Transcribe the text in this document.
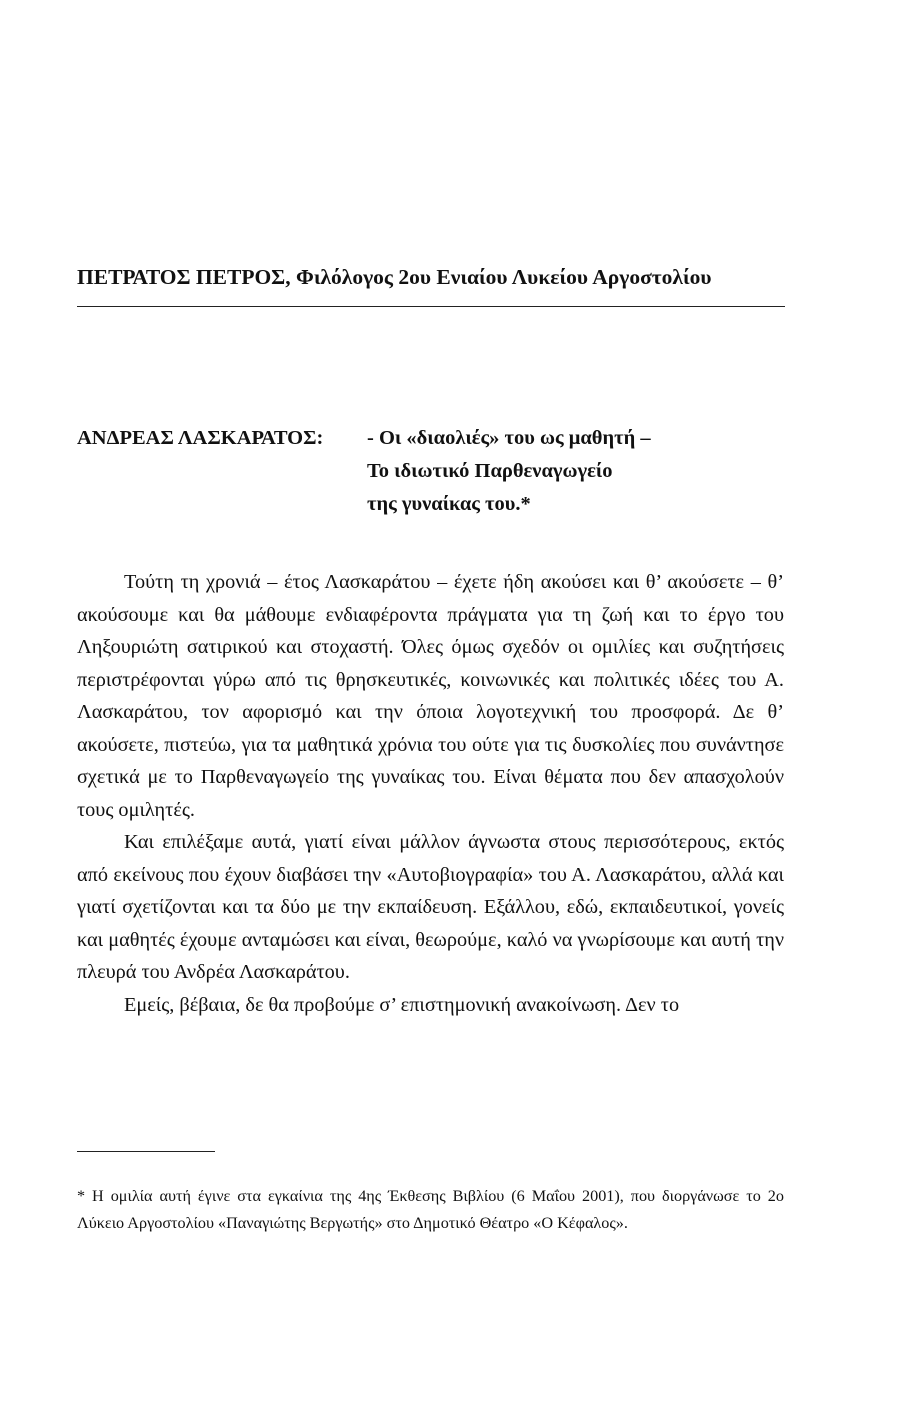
ΠΕΤΡΑΤΟΣ ΠΕΤΡΟΣ, Φιλόλογος 2ου Ενιαίου Λυκείου Αργοστολίου
ΑΝΔΡΕΑΣ ΛΑΣΚΑΡΑΤΟΣ:	- Οι «διαολιές» του ως μαθητή –
Το ιδιωτικό Παρθεναγωγείο
της γυναίκας του.*

Τούτη τη χρονιά – έτος Λασκαράτου – έχετε ήδη ακούσει και θ’ ακούσετε – θ’ ακούσουμε και θα μάθουμε ενδιαφέροντα πράγματα για τη ζωή και το έργο του Ληξουριώτη σατιρικού και στοχαστή. Όλες όμως σχεδόν οι ομιλίες και συζητήσεις περιστρέφονται γύρω από τις θρησκευτικές, κοινωνικές και πολιτικές ιδέες του Α. Λασκαράτου, τον αφορισμό και την όποια λογοτεχνική του προσφορά. Δε θ’ ακούσετε, πιστεύω, για τα μαθητικά χρόνια του ούτε για τις δυσκολίες που συνάντησε σχετικά με το Παρθεναγωγείο της γυναίκας του. Είναι θέματα που δεν απασχολούν τους ομιλητές.

Και επιλέξαμε αυτά, γιατί είναι μάλλον άγνωστα στους περισσότερους, εκτός από εκείνους που έχουν διαβάσει την «Αυτοβιογραφία» του Α. Λασκαράτου, αλλά και γιατί σχετίζονται και τα δύο με την εκπαίδευση. Εξάλλου, εδώ, εκπαιδευτικοί, γονείς και μαθητές έχουμε ανταμώσει και είναι, θεωρούμε, καλό να γνωρίσουμε και αυτή την πλευρά του Ανδρέα Λασκαράτου.

Εμείς, βέβαια, δε θα προβούμε σ’ επιστημονική ανακοίνωση. Δεν το

* Η ομιλία αυτή έγινε στα εγκαίνια της 4ης Έκθεσης Βιβλίου (6 Μαΐου 2001), που διοργάνωσε το 2ο Λύκειο Αργοστολίου «Παναγιώτης Βεργωτής» στο Δημοτικό Θέατρο «Ο Κέφαλος».
